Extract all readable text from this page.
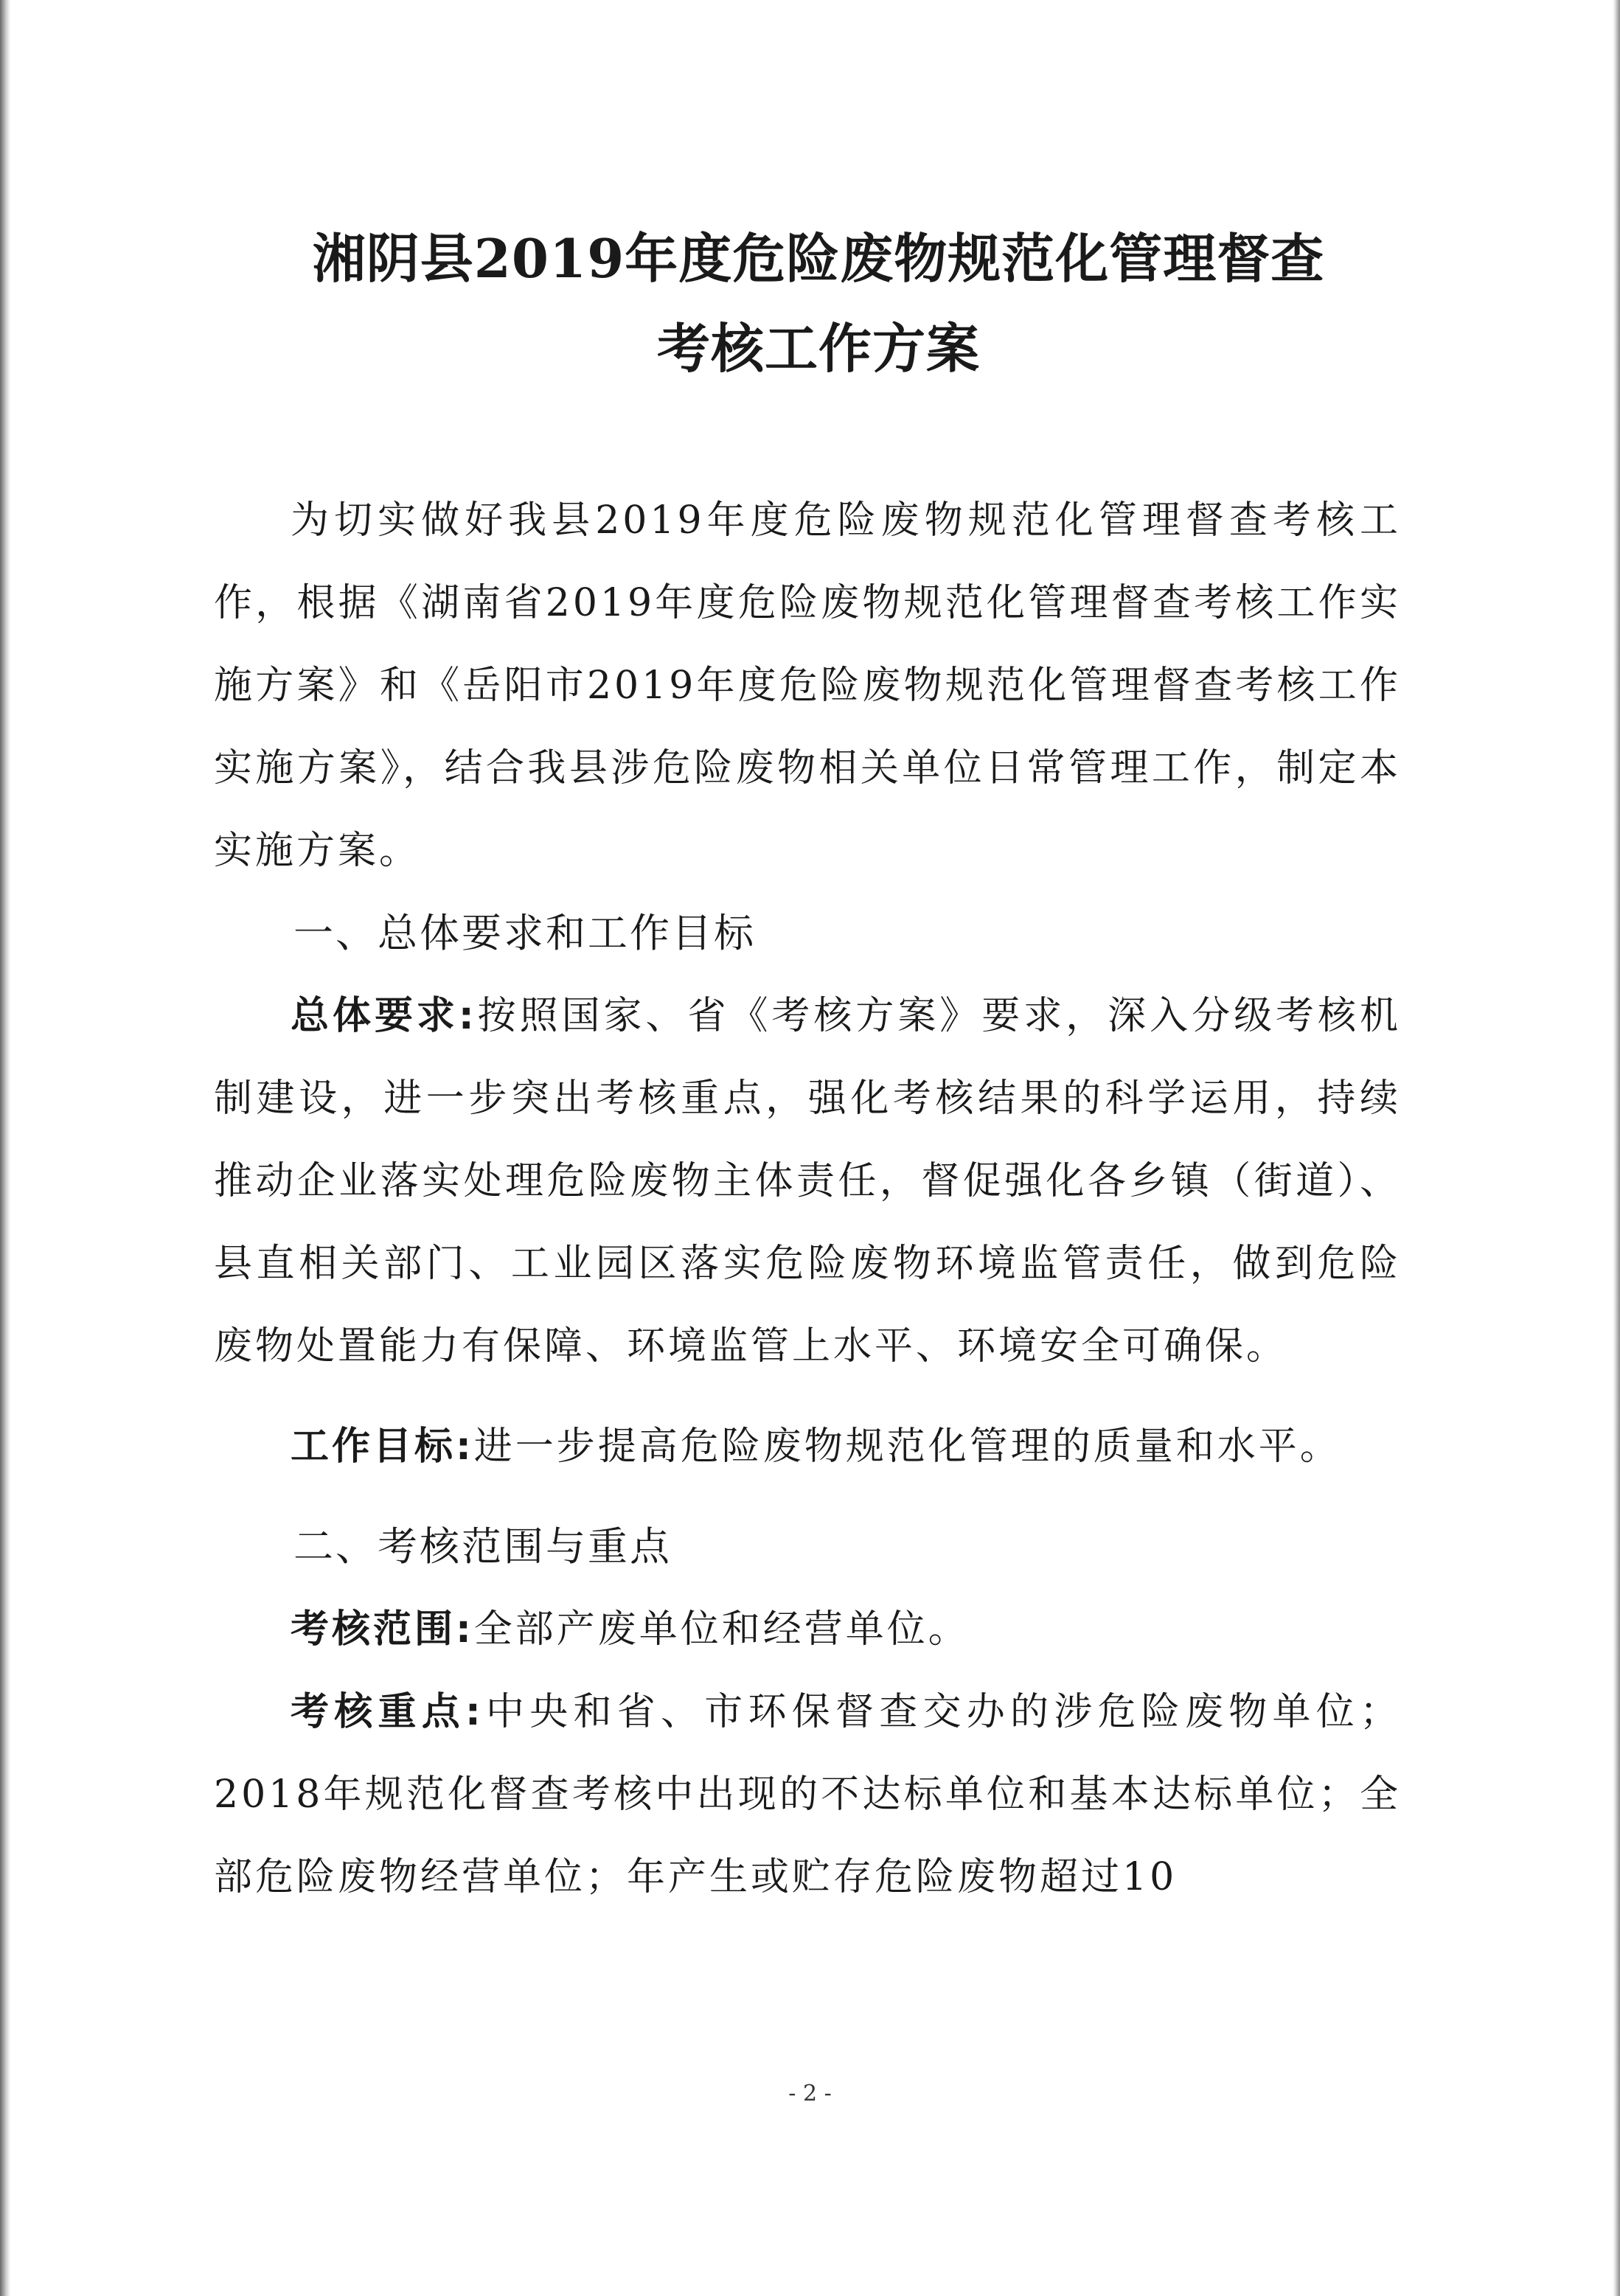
湘阴县2019年度危险废物规范化管理督查
考核工作方案

为切实做好我县2019年度危险废物规范化管理督查考核工作，根据《湖南省2019年度危险废物规范化管理督查考核工作实施方案》和《岳阳市2019年度危险废物规范化管理督查考核工作实施方案》，结合我县涉危险废物相关单位日常管理工作，制定本实施方案。

一、总体要求和工作目标

总体要求:按照国家、省《考核方案》要求，深入分级考核机制建设，进一步突出考核重点，强化考核结果的科学运用，持续推动企业落实处理危险废物主体责任，督促强化各乡镇（街道）、县直相关部门、工业园区落实危险废物环境监管责任，做到危险废物处置能力有保障、环境监管上水平、环境安全可确保。

工作目标:进一步提高危险废物规范化管理的质量和水平。

二、考核范围与重点

考核范围:全部产废单位和经营单位。

考核重点:中央和省、市环保督查交办的涉危险废物单位；2018年规范化督查考核中出现的不达标单位和基本达标单位；全部危险废物经营单位；年产生或贮存危险废物超过10

- 2 -
